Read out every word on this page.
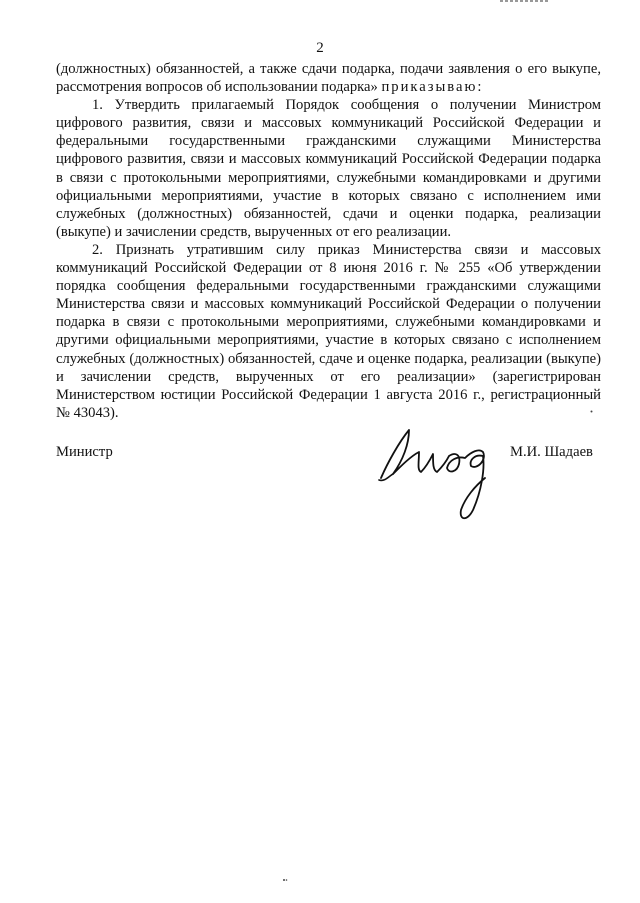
2

(должностных) обязанностей, а также сдачи подарка, подачи заявления о его выкупе, рассмотрения вопросов об использовании подарка» приказываю:

1. Утвердить прилагаемый Порядок сообщения о получении Министром цифрового развития, связи и массовых коммуникаций Российской Федерации и федеральными государственными гражданскими служащими Министерства цифрового развития, связи и массовых коммуникаций Российской Федерации подарка в связи с протокольными мероприятиями, служебными командировками и другими официальными мероприятиями, участие в которых связано с исполнением ими служебных (должностных) обязанностей, сдачи и оценки подарка, реализации (выкупе) и зачислении средств, вырученных от его реализации.

2. Признать утратившим силу приказ Министерства связи и массовых коммуникаций Российской Федерации от 8 июня 2016 г. № 255 «Об утверждении порядка сообщения федеральными государственными гражданскими служащими Министерства связи и массовых коммуникаций Российской Федерации о получении подарка в связи с протокольными мероприятиями, служебными командировками и другими официальными мероприятиями, участие в которых связано с исполнением служебных (должностных) обязанностей, сдаче и оценке подарка, реализации (выкупе) и зачислении средств, вырученных от его реализации» (зарегистрирован Министерством юстиции Российской Федерации 1 августа 2016 г., регистрационный № 43043).

Министр	М.И. Шадаев
